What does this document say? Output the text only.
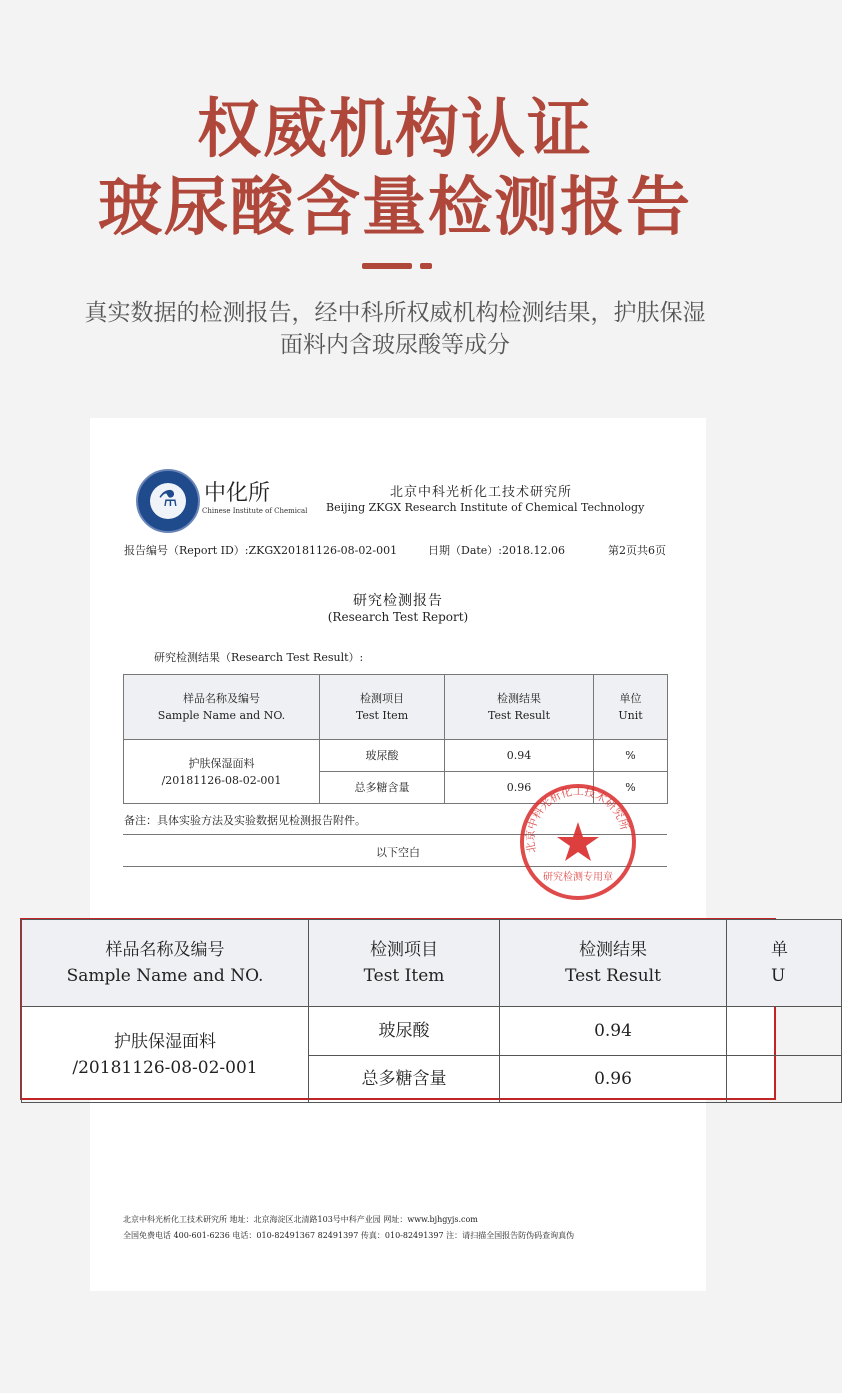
权威机构认证
玻尿酸含量检测报告
真实数据的检测报告，经中科所权威机构检测结果，护肤保湿
面料内含玻尿酸等成分
⚗	中化所
Chinese Institute of Chemical
北京中科光析化工技术研究所
Beijing ZKGX Research Institute of Chemical Technology
报告编号（Report ID）:ZKGX20181126-08-02-001	日期（Date）:2018.12.06	第2页共6页
研究检测报告
(Research Test Report)
研究检测结果（Research Test Result）:
样品名称及编号
Sample Name and NO.	检测项目
Test Item	检测结果
Test Result	单位
Unit
护肤保湿面料
/20181126-08-02-001	玻尿酸	0.94	%
	总多糖含量	0.96	%
备注：具体实验方法及实验数据见检测报告附件。
以下空白	北京中科光析化工技术研究所
研究检测专用章
北京中科光析化工技术研究所 地址：北京海淀区北清路103号中科产业园 网址：www.bjhgyjs.com
全国免费电话 400-601-6236 电话：010-82491367 82491397 传真：010-82491397 注：请扫描全国报告防伪码查询真伪
样品名称及编号
Sample Name and NO.	检测项目
Test Item	检测结果
Test Result	单
U
护肤保湿面料
/20181126-08-02-001	玻尿酸	0.94	
	总多糖含量	0.96	
